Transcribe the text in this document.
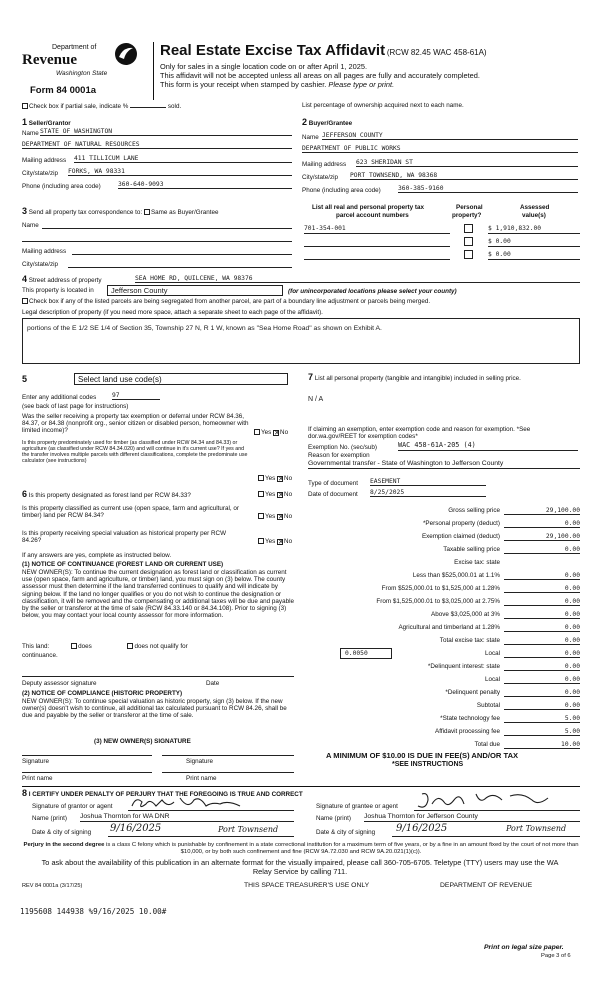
Department of
Revenue
Washington State
Form 84 0001a
Real Estate Excise Tax Affidavit (RCW 82.45 WAC 458-61A)
Only for sales in a single location code on or after April 1, 2025.
This affidavit will not be accepted unless all areas on all pages are fully and accurately completed.
This form is your receipt when stamped by cashier. Please type or print.
Check box if partial sale, indicate %	sold.	List percentage of ownership acquired next to each name.
1 Seller/Grantor
Name STATE OF WASHINGTON
DEPARTMENT OF NATURAL RESOURCES
Mailing address 411 TILLICUM LANE
City/state/zip FORKS, WA 98331
Phone (including area code)	360-640-9093
2 Buyer/Grantee
Name JEFFERSON COUNTY
DEPARTMENT OF PUBLIC WORKS
Mailing address 623 SHERIDAN ST
City/state/zip PORT TOWNSEND, WA 98368
Phone (including area code)	360-385-9160
3 Send all property tax correspondence to: Same as Buyer/Grantee
Name
Mailing address
City/state/zip
List all real and personal property tax
parcel account numbers
Personal
property?
Assessed
value(s)
701-354-001	$ 1,910,832.00
$ 0.00
$ 0.00
4 Street address of property	SEA HOME RD, QUILCENE, WA 98376
This property is located in	Jefferson County	(for unincorporated locations please select your county)
Check box if any of the listed parcels are being segregated from another parcel, are part of a boundary line adjustment or parcels being merged.
Legal description of property (if you need more space, attach a separate sheet to each page of the affidavit).
portions of the E 1/2 SE 1/4 of Section 35, Township 27 N, R 1 W, known as "Sea Home Road" as shown on Exhibit A.
5	Select land use code(s)
Enter any additional codes	97
(see back of last page for instructions)
Was the seller receiving a property tax exemption or deferral under RCW 84.36, 84.37, or 84.38 (nonprofit org., senior citizen or disabled person, homeowner with limited income)?	Yes ✕No
Is this property predominately used for timber (as classified under RCW 84.34 and 84.33) or agriculture (as classified under RCW 84.34.020) and will continue in it's current use? If yes and the transfer involves multiple parcels with different classifications, complete the predominate use calculator (see instructions)
Yes ✕No
6 Is this property designated as forest land per RCW 84.33?	Yes ✕No
Is this property classified as current use (open space, farm and agricultural, or timber) land per RCW 84.34?	Yes ✕No
Is this property receiving special valuation as historical property per RCW 84.26?	Yes ✕No
If any answers are yes, complete as instructed below.
(1) NOTICE OF CONTINUANCE (FOREST LAND OR CURRENT USE)
NEW OWNER(S): To continue the current designation as forest land or classification as current use (open space, farm and agriculture, or timber) land, you must sign on (3) below. The county assessor must then determine if the land transferred continues to qualify and will indicate by signing below. If the land no longer qualifies or you do not wish to continue the designation or classification, it will be removed and the compensating or additional taxes will be due and payable by the seller or transferor at the time of sale (RCW 84.33.140 or 84.34.108). Prior to signing (3) below, you may contact your local county assessor for more information.
This land:	does	does not qualify for
continuance.
Deputy assessor signature	Date
(2) NOTICE OF COMPLIANCE (HISTORIC PROPERTY)
NEW OWNER(S): To continue special valuation as historic property, sign (3) below. If the new owner(s) doesn't wish to continue, all additional tax calculated pursuant to RCW 84.26, shall be due and payable by the seller or transferor at the time of sale.
(3) NEW OWNER(S) SIGNATURE
Signature	Signature
Print name	Print name
7 List all personal property (tangible and intangible) included in selling price.
N / A
If claiming an exemption, enter exemption code and reason for exemption. *See dor.wa.gov/REET for exemption codes*
Exemption No. (sec/sub)	WAC 458-61A-205 (4)
Reason for exemption
Governmental transfer - State of Washington to Jefferson County
Type of document EASEMENT
Date of document 8/25/2025
Gross selling price	29,100.00
*Personal property (deduct)	0.00
Exemption claimed (deduct)	29,100.00
Taxable selling price	0.00
Excise tax: state
Less than $525,000.01 at 1.1%	0.00
From $525,000.01 to $1,525,000 at 1.28%	0.00
From $1,525,000.01 to $3,025,000 at 2.75%	0.00
Above $3,025,000 at 3%	0.00
Agricultural and timberland at 1.28%	0.00
Total excise tax: state	0.00
0.0050	Local	0.00
*Delinquent interest: state	0.00
Local	0.00
*Delinquent penalty	0.00
Subtotal	0.00
*State technology fee	5.00
Affidavit processing fee	5.00
Total due	10.00
A MINIMUM OF $10.00 IS DUE IN FEE(S) AND/OR TAX
*SEE INSTRUCTIONS
8 I CERTIFY UNDER PENALTY OF PERJURY THAT THE FOREGOING IS TRUE AND CORRECT
Signature of grantor or agent	Signature of grantee or agent
Name (print) Joshua Thornton for WA DNR	Name (print) Joshua Thornton for Jefferson County
Date & city of signing 9/16/2025	Port Townsend	Date & city of signing 9/16/2025	Port Townsend
Perjury in the second degree is a class C felony which is punishable by confinement in a state correctional institution for a maximum term of five years, or by a fine in an amount fixed by the court of not more than $10,000, or by both such confinement and fine (RCW 9A.72.030 and RCW 9A.20.021(1)(c)).
To ask about the availability of this publication in an alternate format for the visually impaired, please call 360-705-6705. Teletype (TTY) users may use the WA Relay Service by calling 711.
REV 84 0001a (3/17/25)	THIS SPACE TREASURER'S USE ONLY	DEPARTMENT OF REVENUE
1195608 144938 %9/16/2025 10.00#
Print on legal size paper.
Page 3 of 6
